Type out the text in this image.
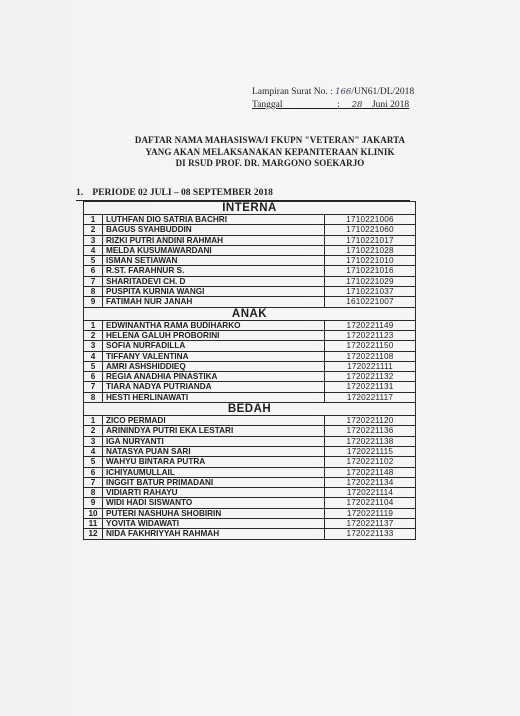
Lampiran Surat No. : 166/UN61/DL/2018
Tanggal	: 28 Juni 2018
DAFTAR NAMA MAHASISWA/I FKUPN "VETERAN" JAKARTA
YANG AKAN MELAKSANAKAN KEPANITERAAN KLINIK
DI RSUD PROF. DR. MARGONO SOEKARJO
1. PERIODE 02 JULI – 08 SEPTEMBER 2018
INTERNA		
1	LUTHFAN DIO SATRIA BACHRI	1710221006
2	BAGUS SYAHBUDDIN	1710221060
3	RIZKI PUTRI ANDINI RAHMAH	1710221017
4	MELDA KUSUMAWARDANI	1710221028
5	ISMAN SETIAWAN	1710221010
6	R.ST. FARAHNUR S.	1710221016
7	SHARITADEVI CH. D	1710221029
8	PUSPITA KURNIA WANGI	1710221037
9	FATIMAH NUR JANAH	1610221007
ANAK		
1	EDWINANTHA RAMA BUDIHARKO	1720221149
2	HELENA GALUH PROBORINI	1720221123
3	SOFIA NURFADILLA	1720221150
4	TIFFANY VALENTINA	1720221108
5	AMRI ASHSHIDDIEQ	1720221111
6	REGIA ANADHIA PINASTIKA	1720221132
7	TIARA NADYA PUTRIANDA	1720221131
8	HESTI HERLINAWATI	1720221117
BEDAH		
1	ZICO PERMADI	1720221120
2	ARININDYA PUTRI EKA LESTARI	1720221136
3	IGA NURYANTI	1720221138
4	NATASYA PUAN SARI	1720221115
5	WAHYU BINTARA PUTRA	1720221102
6	ICHIYAUMULLAIL	1720221148
7	INGGIT BATUR PRIMADANI	1720221134
8	VIDIARTI RAHAYU	1720221114
9	WIDI HADI SISWANTO	1720221104
10	PUTERI NASHUHA SHOBIRIN	1720221119
11	YOVITA WIDAWATI	1720221137
12	NIDA FAKHRIYYAH RAHMAH	1720221133
